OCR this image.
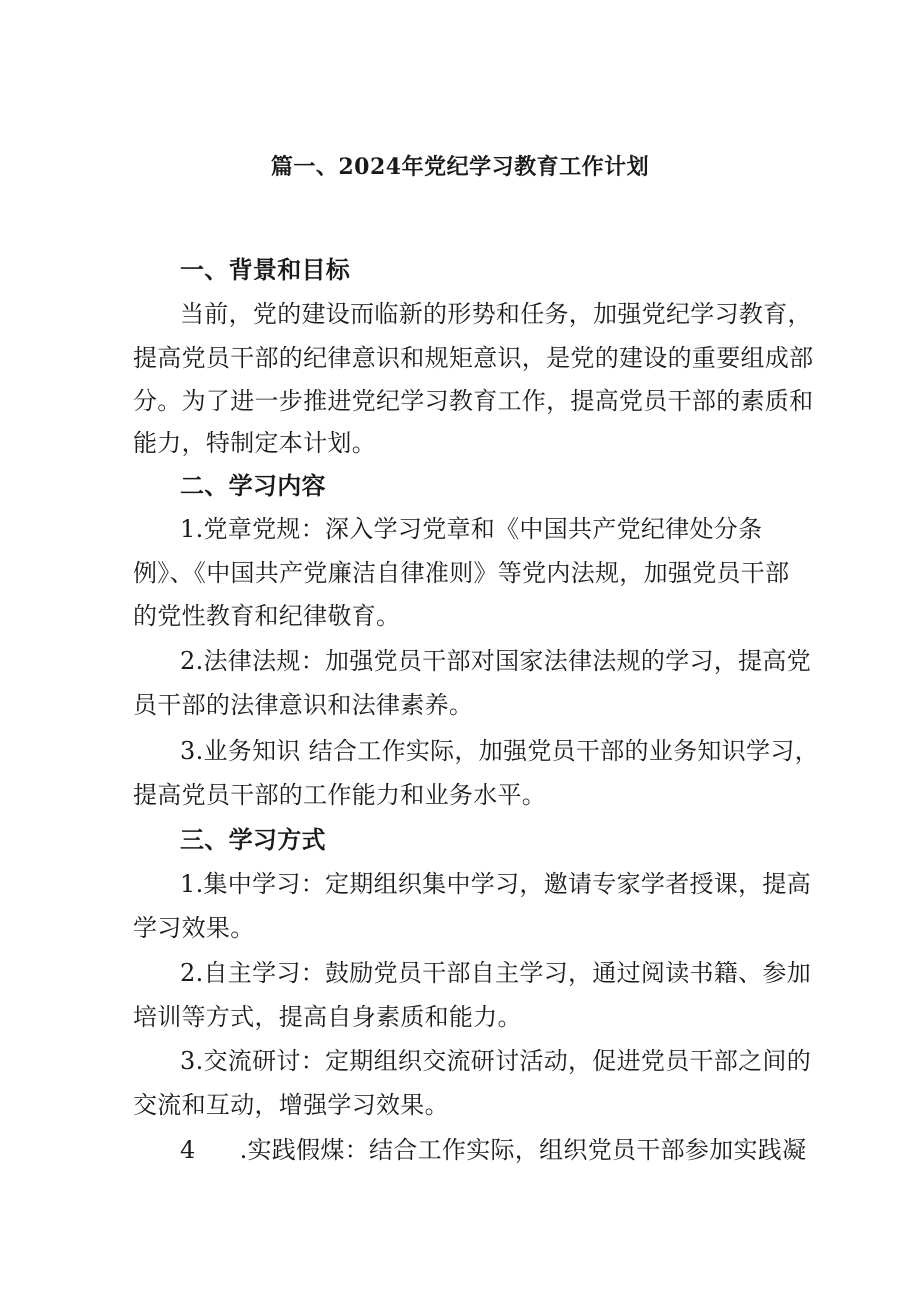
篇一、2024年党纪学习教育工作计划
一、背景和目标
当前，党的建设而临新的形势和任务，加强党纪学习教育，
提高党员干部的纪律意识和规矩意识，是党的建设的重要组成部
分。为了进一步推进党纪学习教育工作，提高党员干部的素质和
能力，特制定本计划。
二、学习内容
1.党章党规：深入学习党章和《中国共产党纪律处分条
例》、《中国共产党廉洁自律准则》等党内法规，加强党员干部
的党性教育和纪律敬育。
2.法律法规：加强党员干部对国家法律法规的学习，提高党
员干部的法律意识和法律素养。
3.业务知识 结合工作实际，加强党员干部的业务知识学习，
提高党员干部的工作能力和业务水平。
三、学习方式
1.集中学习：定期组织集中学习，邀请专家学者授课，提高
学习效果。
2.自主学习：鼓励党员干部自主学习，通过阅读书籍、参加
培训等方式，提高自身素质和能力。
3.交流研讨：定期组织交流研讨活动，促进党员干部之间的
交流和互动，增强学习效果。
4 .实践假煤：结合工作实际，组织党员干部参加实践凝
